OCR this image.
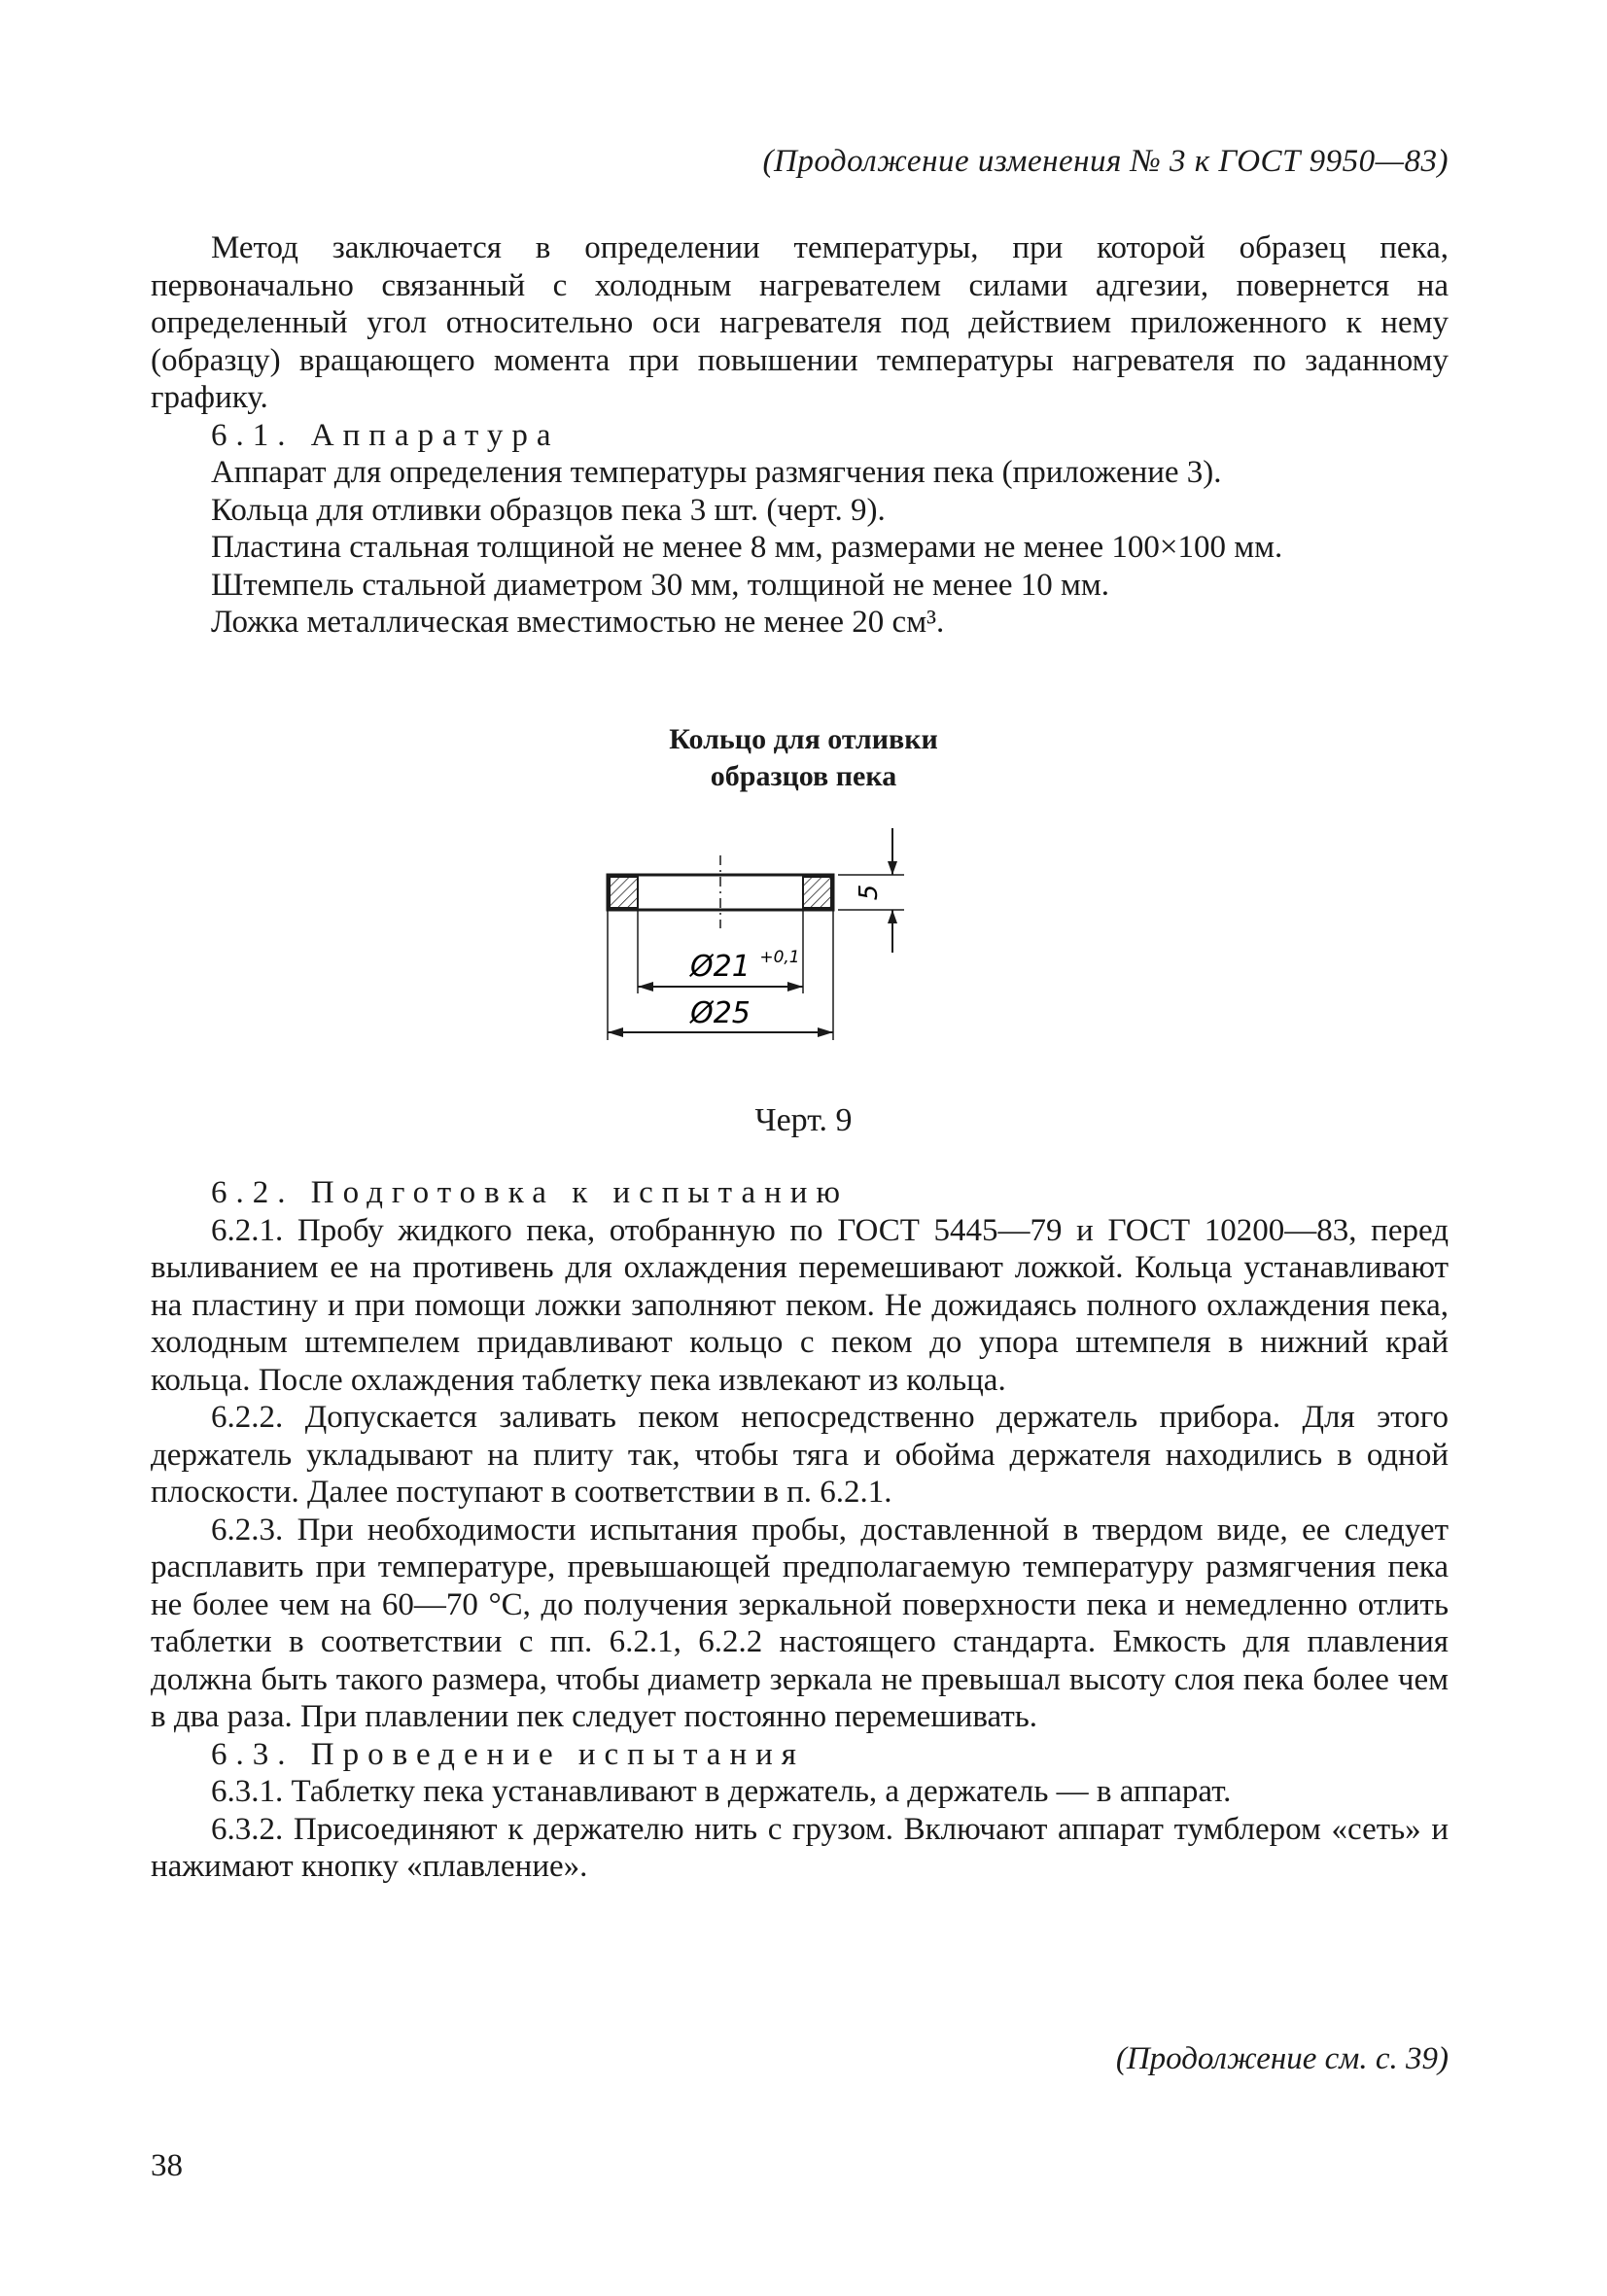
(Продолжение изменения № 3 к ГОСТ 9950—83)

Метод заключается в определении температуры, при которой образец пека, первоначально связанный с холодным нагревателем силами адгезии, повернется на определенный угол относительно оси нагревателя под действием приложенного к нему (образцу) вращающего момента при повышении температуры нагревателя по заданному графику.

6.1. Аппаратура

Аппарат для определения температуры размягчения пека (приложение 3).

Кольца для отливки образцов пека 3 шт. (черт. 9).

Пластина стальная толщиной не менее 8 мм, размерами не менее 100×100 мм.

Штемпель стальной диаметром 30 мм, толщиной не менее 10 мм.

Ложка металлическая вместимостью не менее 20 см³.

Кольцо для отливки
образцов пека
5
Ø21 $^{+0,1}$
Ø25
Черт. 9

6.2. Подготовка к испытанию

6.2.1. Пробу жидкого пека, отобранную по ГОСТ 5445—79 и ГОСТ 10200—83, перед выливанием ее на противень для охлаждения перемешивают ложкой. Кольца устанавливают на пластину и при помощи ложки заполняют пеком. Не дожидаясь полного охлаждения пека, холодным штемпелем придавливают кольцо с пеком до упора штемпеля в нижний край кольца. После охлаждения таблетку пека извлекают из кольца.

6.2.2. Допускается заливать пеком непосредственно держатель прибора. Для этого держатель укладывают на плиту так, чтобы тяга и обойма держателя находились в одной плоскости. Далее поступают в соответствии в п. 6.2.1.

6.2.3. При необходимости испытания пробы, доставленной в твердом виде, ее следует расплавить при температуре, превышающей предполагаемую температуру размягчения пека не более чем на 60—70 °С, до получения зеркальной поверхности пека и немедленно отлить таблетки в соответствии с пп. 6.2.1, 6.2.2 настоящего стандарта. Емкость для плавления должна быть такого размера, чтобы диаметр зеркала не превышал высоту слоя пека более чем в два раза. При плавлении пек следует постоянно перемешивать.

6.3. Проведение испытания

6.3.1. Таблетку пека устанавливают в держатель, а держатель — в аппарат.

6.3.2. Присоединяют к держателю нить с грузом. Включают аппарат тумблером «сеть» и нажимают кнопку «плавление».

(Продолжение см. с. 39)
38
